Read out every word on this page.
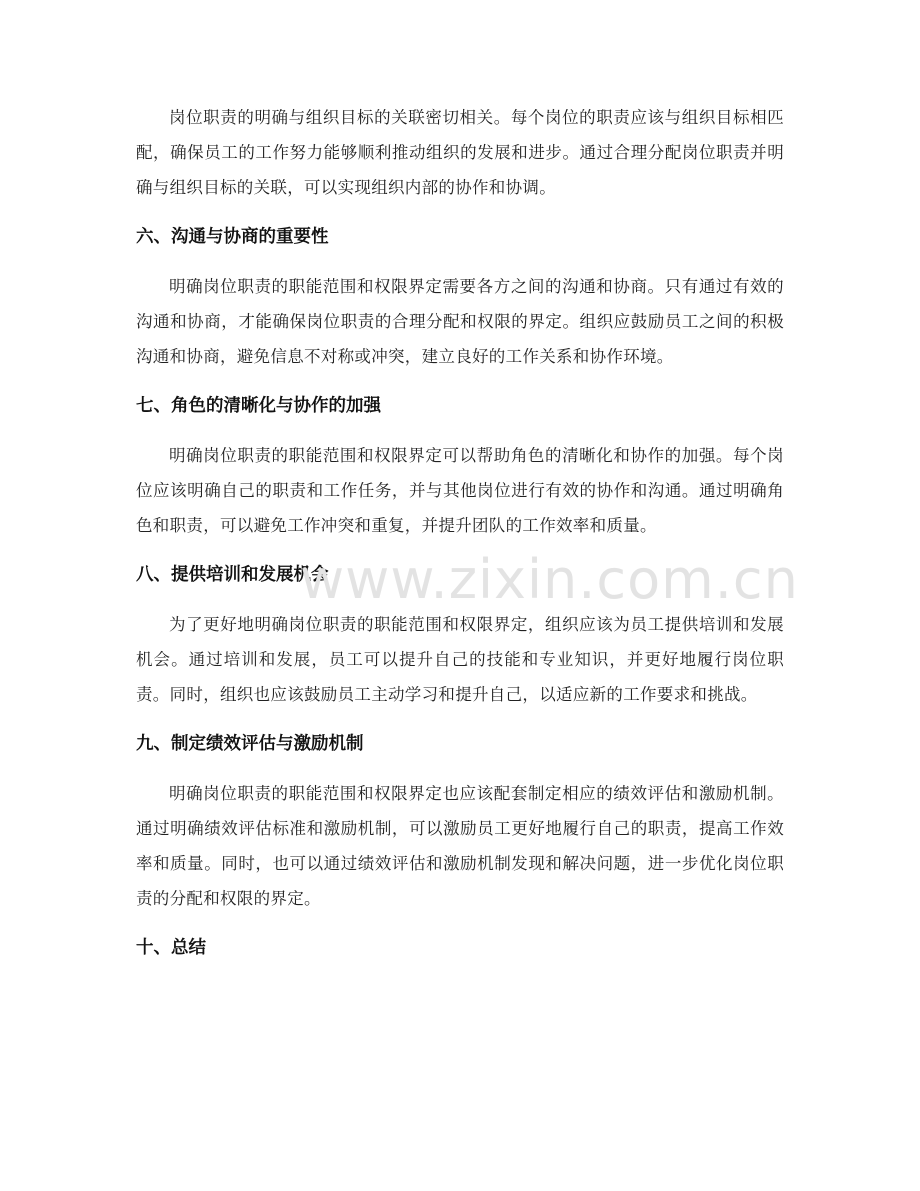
岗位职责的明确与组织目标的关联密切相关。每个岗位的职责应该与组织目标相匹配，确保员工的工作努力能够顺利推动组织的发展和进步。通过合理分配岗位职责并明确与组织目标的关联，可以实现组织内部的协作和协调。

六、沟通与协商的重要性

明确岗位职责的职能范围和权限界定需要各方之间的沟通和协商。只有通过有效的沟通和协商，才能确保岗位职责的合理分配和权限的界定。组织应鼓励员工之间的积极沟通和协商，避免信息不对称或冲突，建立良好的工作关系和协作环境。

七、角色的清晰化与协作的加强

明确岗位职责的职能范围和权限界定可以帮助角色的清晰化和协作的加强。每个岗位应该明确自己的职责和工作任务，并与其他岗位进行有效的协作和沟通。通过明确角色和职责，可以避免工作冲突和重复，并提升团队的工作效率和质量。

八、提供培训和发展机会

为了更好地明确岗位职责的职能范围和权限界定，组织应该为员工提供培训和发展机会。通过培训和发展，员工可以提升自己的技能和专业知识，并更好地履行岗位职责。同时，组织也应该鼓励员工主动学习和提升自己，以适应新的工作要求和挑战。

九、制定绩效评估与激励机制

明确岗位职责的职能范围和权限界定也应该配套制定相应的绩效评估和激励机制。通过明确绩效评估标准和激励机制，可以激励员工更好地履行自己的职责，提高工作效率和质量。同时，也可以通过绩效评估和激励机制发现和解决问题，进一步优化岗位职责的分配和权限的界定。

十、总结
www.zixin.com.cn
